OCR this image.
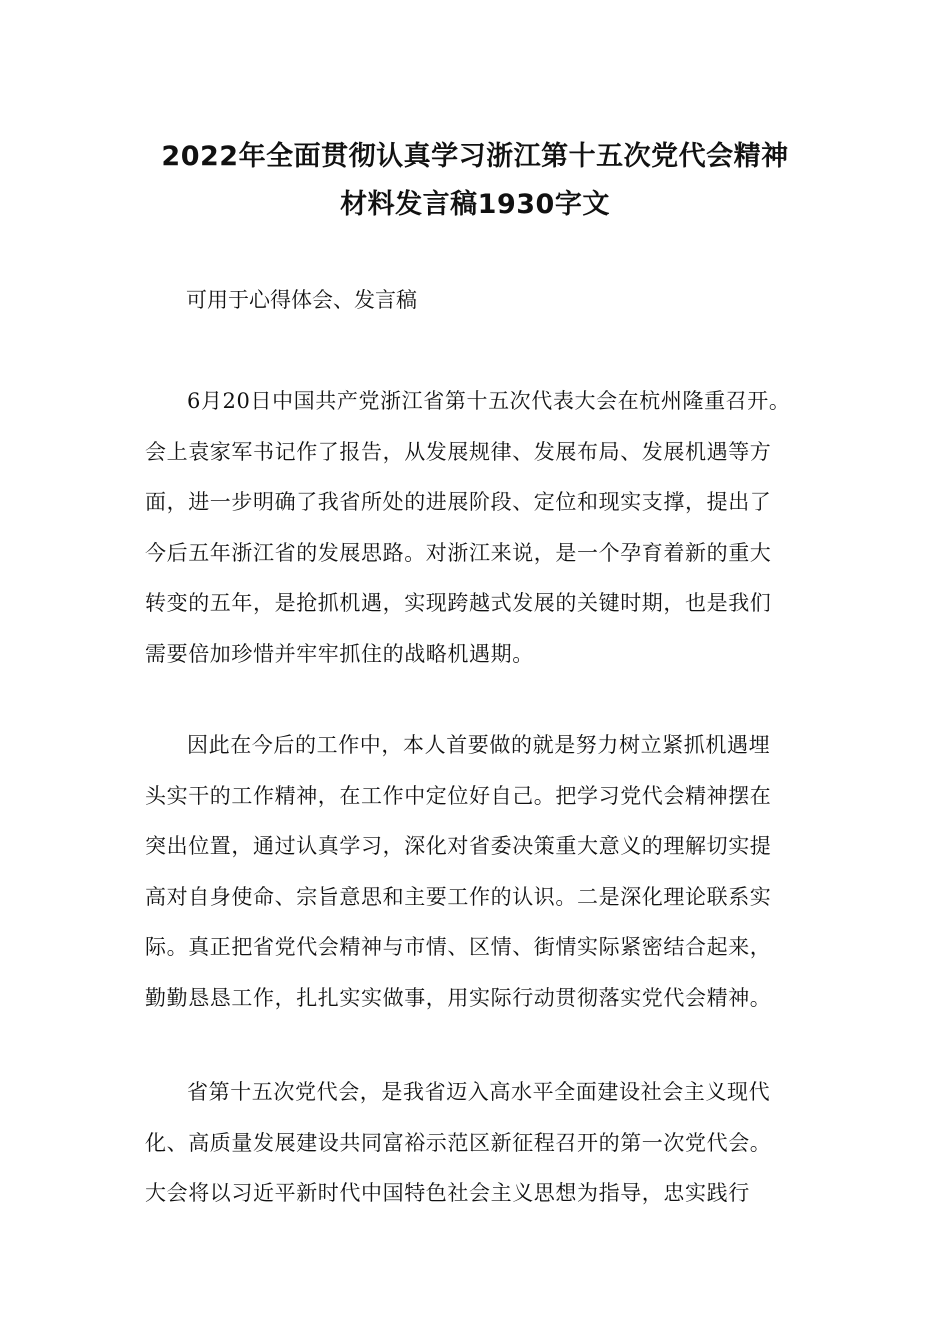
2022年全面贯彻认真学习浙江第十五次党代会精神
材料发言稿1930字文
可用于心得体会、发言稿
6月20日中国共产党浙江省第十五次代表大会在杭州隆重召开。
会上袁家军书记作了报告，从发展规律、发展布局、发展机遇等方
面，进一步明确了我省所处的进展阶段、定位和现实支撑，提出了
今后五年浙江省的发展思路。对浙江来说，是一个孕育着新的重大
转变的五年，是抢抓机遇，实现跨越式发展的关键时期，也是我们
需要倍加珍惜并牢牢抓住的战略机遇期。
因此在今后的工作中，本人首要做的就是努力树立紧抓机遇埋
头实干的工作精神，在工作中定位好自己。把学习党代会精神摆在
突出位置，通过认真学习，深化对省委决策重大意义的理解切实提
高对自身使命、宗旨意思和主要工作的认识。二是深化理论联系实
际。真正把省党代会精神与市情、区情、街情实际紧密结合起来，
勤勤恳恳工作，扎扎实实做事，用实际行动贯彻落实党代会精神。
省第十五次党代会，是我省迈入高水平全面建设社会主义现代
化、高质量发展建设共同富裕示范区新征程召开的第一次党代会。
大会将以习近平新时代中国特色社会主义思想为指导，忠实践行
